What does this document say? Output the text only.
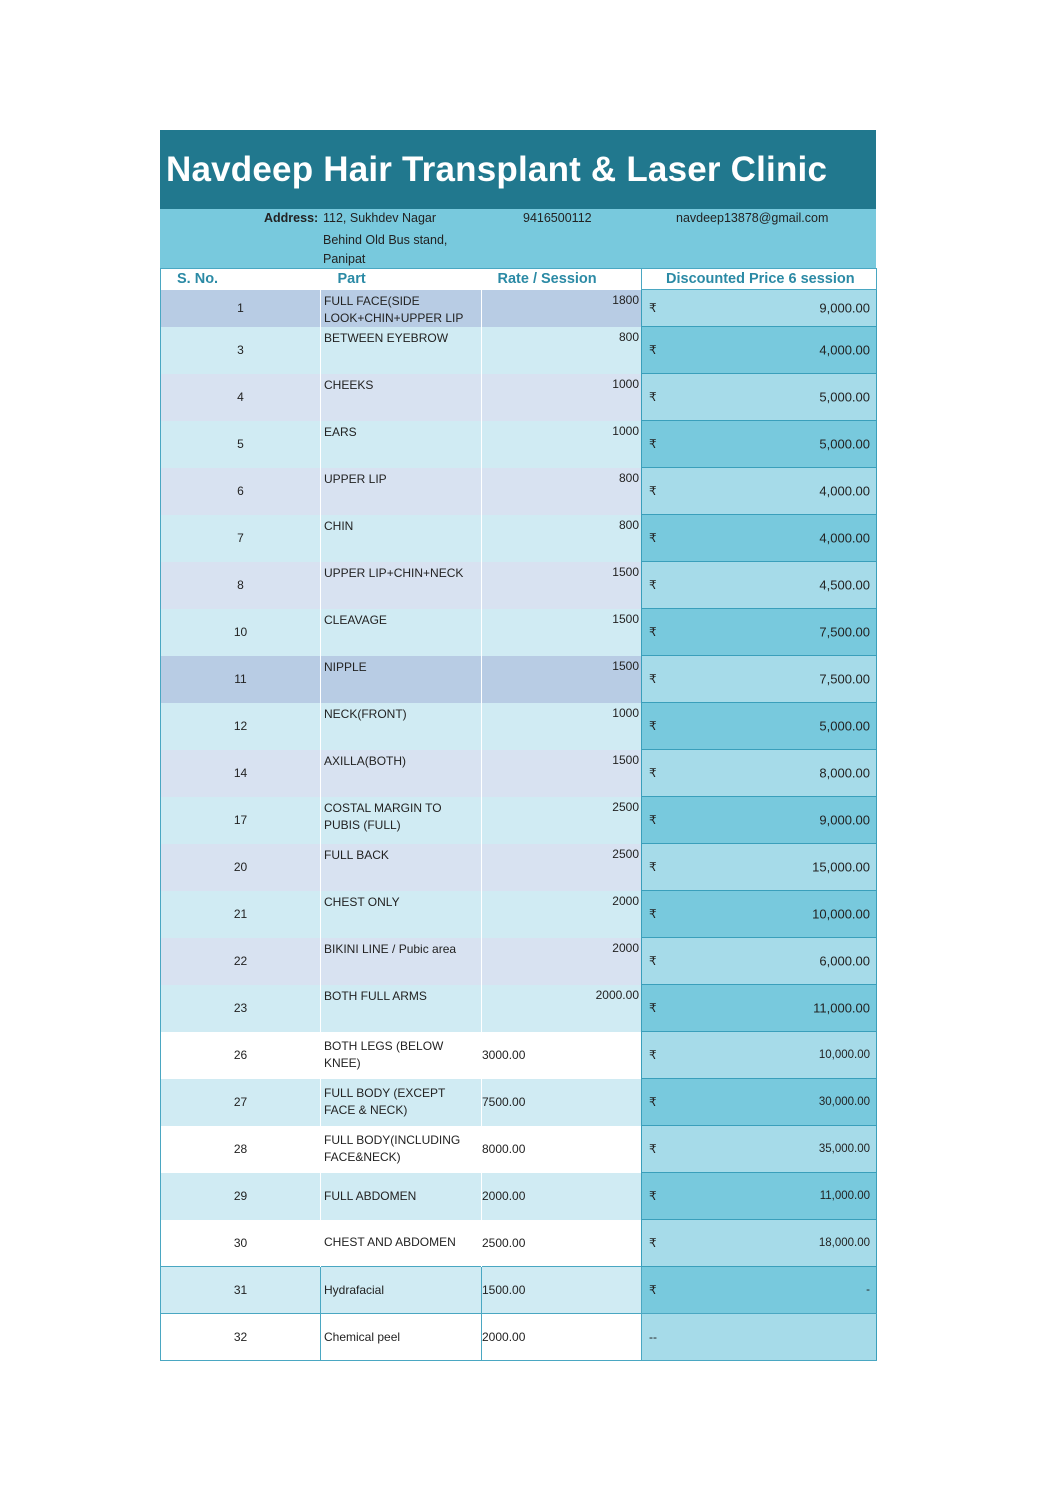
Navdeep Hair Transplant & Laser Clinic
Address: 112, Sukhdev Nagar
Behind Old Bus stand,
Panipat
9416500112	navdeep13878@gmail.com
S. No.	Part	Rate / Session	Discounted Price 6 session
1	FULL FACE(SIDE LOOK+CHIN+UPPER LIP	1800	₹ 9,000.00

3	BETWEEN EYEBROW	800	₹ 4,000.00

4	CHEEKS	1000	₹ 5,000.00

5	EARS	1000	₹ 5,000.00

6	UPPER LIP	800	₹ 4,000.00

7	CHIN	800	₹ 4,000.00

8	UPPER LIP+CHIN+NECK	1500	₹ 4,500.00

10	CLEAVAGE	1500	₹ 7,500.00

11	NIPPLE	1500	₹ 7,500.00

12	NECK(FRONT)	1000	₹ 5,000.00

14	AXILLA(BOTH)	1500	₹ 8,000.00

17	COSTAL MARGIN TO PUBIS (FULL)	2500	₹ 9,000.00

20	FULL BACK	2500	₹ 15,000.00

21	CHEST ONLY	2000	₹ 10,000.00

22	BIKINI LINE / Pubic area	2000	₹ 6,000.00

23	BOTH FULL ARMS	2000.00	₹ 11,000.00

26	BOTH LEGS (BELOW KNEE)	3000.00	₹ 10,000.00

27	FULL BODY (EXCEPT FACE & NECK)	7500.00	₹ 30,000.00

28	FULL BODY(INCLUDING FACE&NECK)	8000.00	₹ 35,000.00

29	FULL ABDOMEN	2000.00	₹ 11,000.00

30	CHEST AND ABDOMEN	2500.00	₹ 18,000.00

31	Hydrafacial	1500.00	₹ -

32	Chemical peel	2000.00	--
